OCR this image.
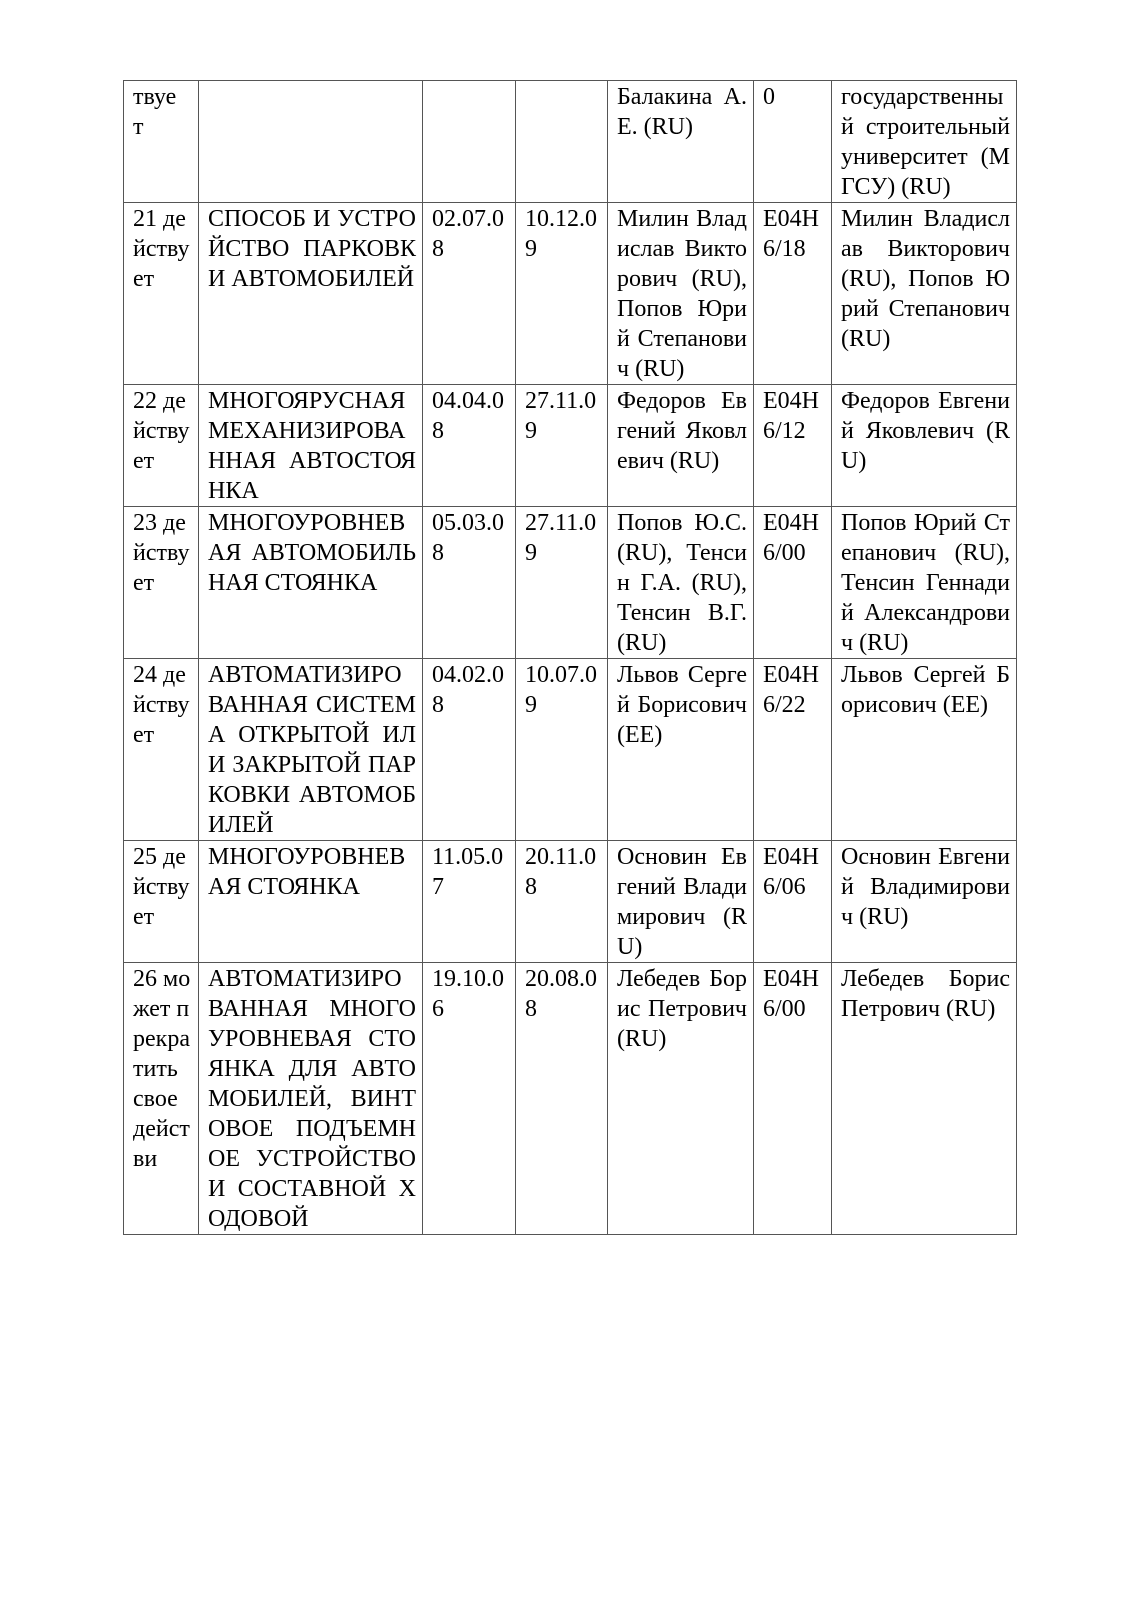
твуе т				Балакина А.Е. (RU)	0	государственный строительный университет (МГСУ) (RU)
21 действует	СПОСОБ И УСТРОЙСТВО ПАРКОВКИ АВТОМОБИЛЕЙ	02.07.08	10.12.09	Милин Владислав Викторович (RU), Попов Юрий Степанович (RU)	E04H6/18	Милин Владислав Викторович (RU), Попов Юрий Степанович (RU)
22 действует	МНОГОЯРУСНАЯ МЕХАНИЗИРОВАННАЯ АВТОСТОЯНКА	04.04.08	27.11.09	Федоров Евгений Яковлевич (RU)	E04H6/12	Федоров Евгений Яковлевич (RU)
23 действует	МНОГОУРОВНЕВАЯ АВТОМОБИЛЬНАЯ СТОЯНКА	05.03.08	27.11.09	Попов Ю.С. (RU), Тенсин Г.А. (RU), Тенсин В.Г. (RU)	E04H6/00	Попов Юрий Степанович (RU), Тенсин Геннадий Александрович (RU)
24 действует	АВТОМАТИЗИРОВАННАЯ СИСТЕМА ОТКРЫТОЙ ИЛИ ЗАКРЫТОЙ ПАРКОВКИ АВТОМОБИЛЕЙ	04.02.08	10.07.09	Львов Сергей Борисович (EE)	E04H6/22	Львов Сергей Борисович (EE)
25 действует	МНОГОУРОВНЕВАЯ СТОЯНКА	11.05.07	20.11.08	Основин Евгений Владимирович (RU)	E04H6/06	Основин Евгений Владимирович (RU)
26 может прекратить свое действи	АВТОМАТИЗИРОВАННАЯ МНОГОУРОВНЕВАЯ СТОЯНКА ДЛЯ АВТОМОБИЛЕЙ, ВИНТОВОЕ ПОДЪЕМНОЕ УСТРОЙСТВО И СОСТАВНОЙ ХОДОВОЙ	19.10.06	20.08.08	Лебедев Борис Петрович (RU)	E04H6/00	Лебедев Борис Петрович (RU)
